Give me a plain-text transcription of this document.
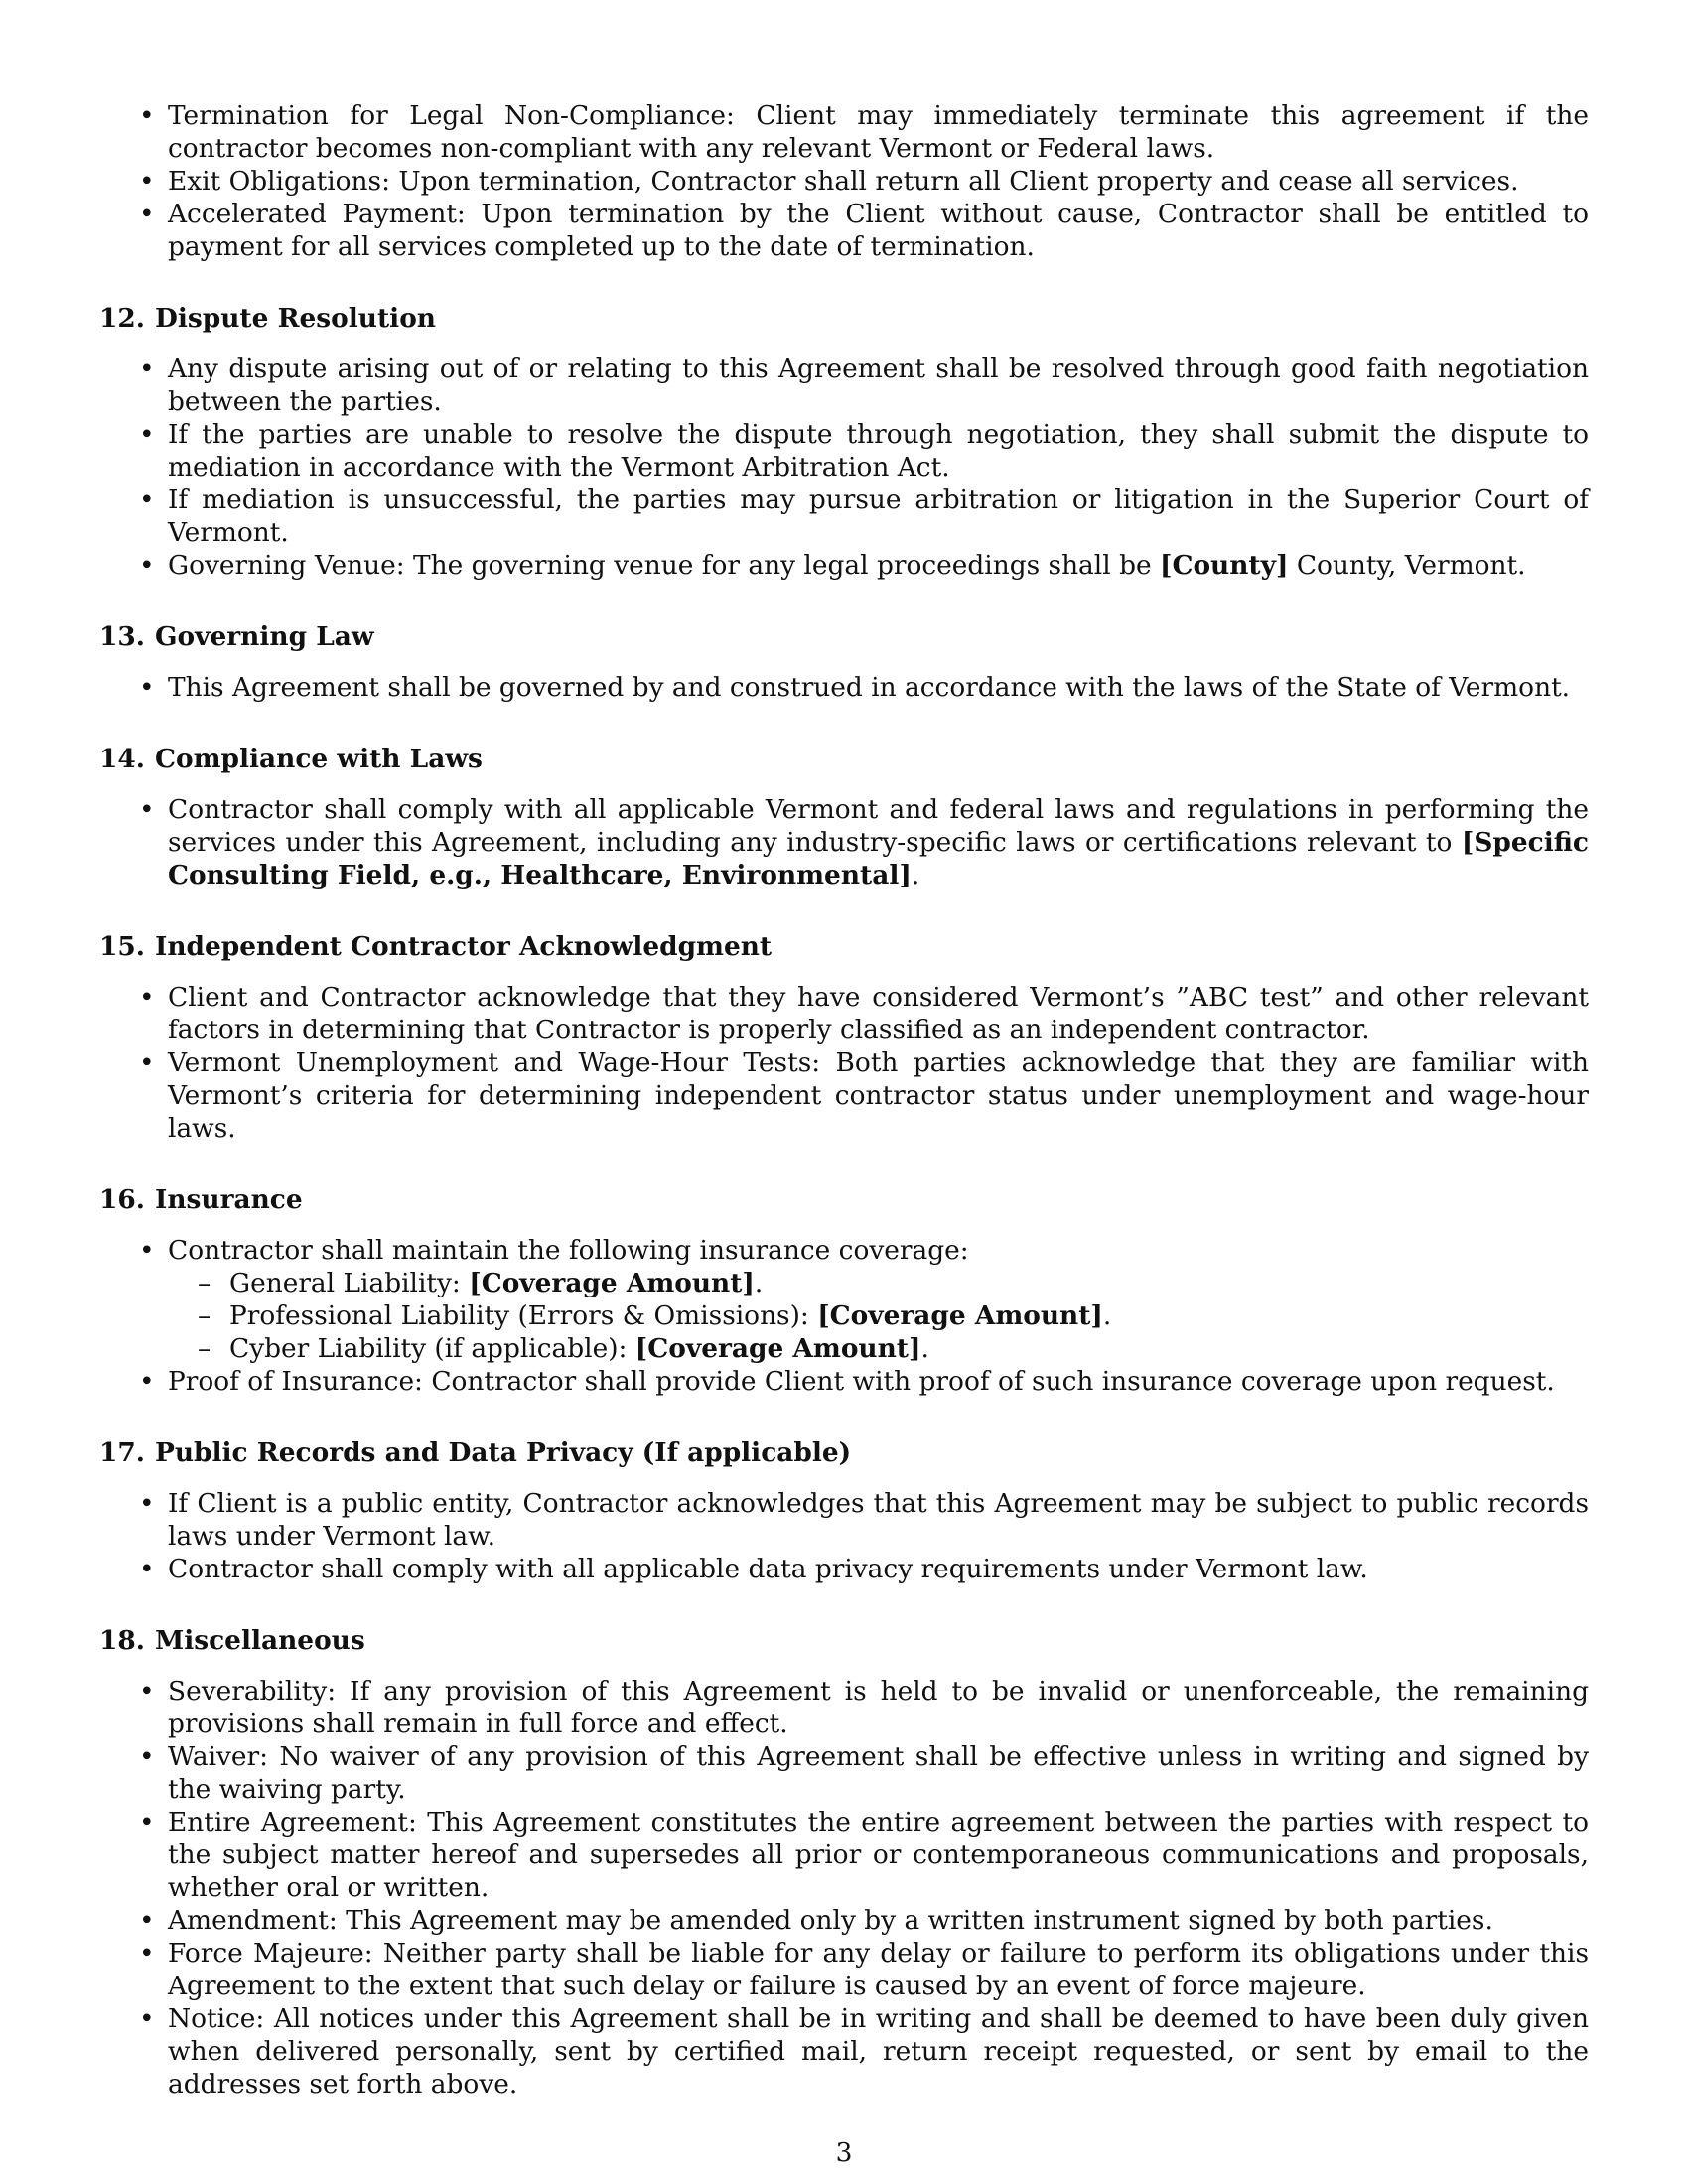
• Termination for Legal Non-Compliance: Client may immediately terminate this agreement if the contractor becomes non-compliant with any relevant Vermont or Federal laws.
• Exit Obligations: Upon termination, Contractor shall return all Client property and cease all services.
• Accelerated Payment: Upon termination by the Client without cause, Contractor shall be entitled to payment for all services completed up to the date of termination.
12. Dispute Resolution
• Any dispute arising out of or relating to this Agreement shall be resolved through good faith negotiation between the parties.
• If the parties are unable to resolve the dispute through negotiation, they shall submit the dispute to mediation in accordance with the Vermont Arbitration Act.
• If mediation is unsuccessful, the parties may pursue arbitration or litigation in the Superior Court of Vermont.
• Governing Venue: The governing venue for any legal proceedings shall be [County] County, Vermont.
13. Governing Law
• This Agreement shall be governed by and construed in accordance with the laws of the State of Vermont.
14. Compliance with Laws
• Contractor shall comply with all applicable Vermont and federal laws and regulations in performing the services under this Agreement, including any industry-specific laws or certifications relevant to [Specific Consulting Field, e.g., Healthcare, Environmental].
15. Independent Contractor Acknowledgment
• Client and Contractor acknowledge that they have considered Vermont’s ”ABC test” and other relevant factors in determining that Contractor is properly classified as an independent contractor.
• Vermont Unemployment and Wage-Hour Tests: Both parties acknowledge that they are familiar with Vermont’s criteria for determining independent contractor status under unemployment and wage-hour laws.
16. Insurance
• Contractor shall maintain the following insurance coverage:
– General Liability: [Coverage Amount].
– Professional Liability (Errors & Omissions): [Coverage Amount].
– Cyber Liability (if applicable): [Coverage Amount].
• Proof of Insurance: Contractor shall provide Client with proof of such insurance coverage upon request.
17. Public Records and Data Privacy (If applicable)
• If Client is a public entity, Contractor acknowledges that this Agreement may be subject to public records laws under Vermont law.
• Contractor shall comply with all applicable data privacy requirements under Vermont law.
18. Miscellaneous
• Severability: If any provision of this Agreement is held to be invalid or unenforceable, the remaining provisions shall remain in full force and effect.
• Waiver: No waiver of any provision of this Agreement shall be effective unless in writing and signed by the waiving party.
• Entire Agreement: This Agreement constitutes the entire agreement between the parties with respect to the subject matter hereof and supersedes all prior or contemporaneous communications and proposals, whether oral or written.
• Amendment: This Agreement may be amended only by a written instrument signed by both parties.
• Force Majeure: Neither party shall be liable for any delay or failure to perform its obligations under this Agreement to the extent that such delay or failure is caused by an event of force majeure.
• Notice: All notices under this Agreement shall be in writing and shall be deemed to have been duly given when delivered personally, sent by certified mail, return receipt requested, or sent by email to the addresses set forth above.
3
